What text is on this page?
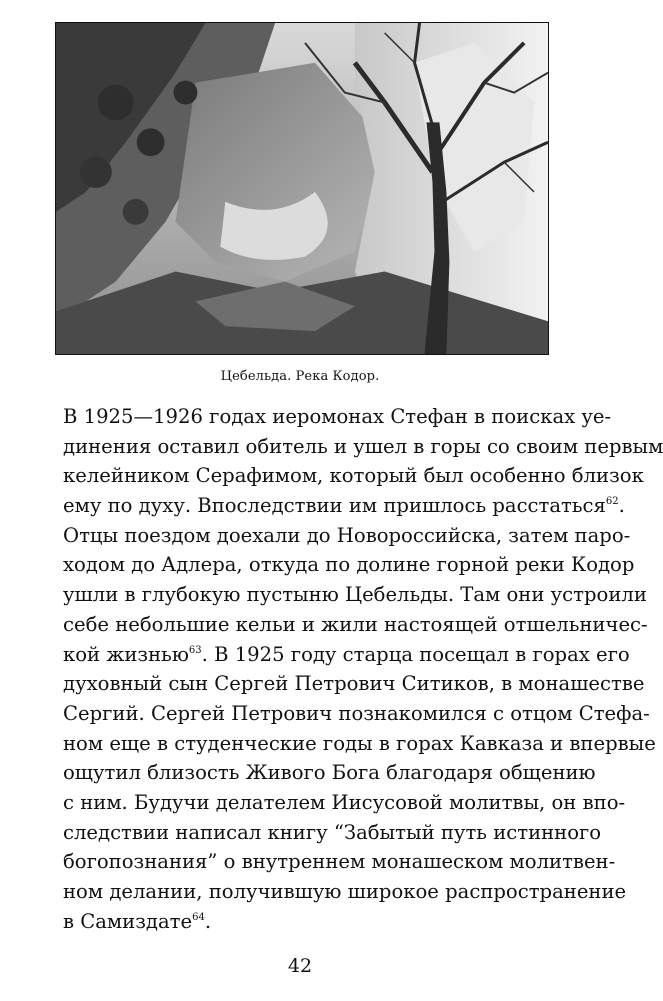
Цебельда. Река Кодор.
В 1925—1926 годах иеромонах Стефан в поисках уе-
динения оставил обитель и ушел в горы со своим первым
келейником Серафимом, который был особенно близок
ему по духу. Впоследствии им пришлось расстаться$^{62}$.
Отцы поездом доехали до Новороссийска, затем паро-
ходом до Адлера, откуда по долине горной реки Кодор
ушли в глубокую пустыню Цебельды. Там они устроили
себе небольшие кельи и жили настоящей отшельничес-
кой жизнью$^{63}$. В 1925 году старца посещал в горах его
духовный сын Сергей Петрович Ситиков, в монашестве
Сергий. Сергей Петрович познакомился с отцом Стефа-
ном еще в студенческие годы в горах Кавказа и впервые
ощутил близость Живого Бога благодаря общению
с ним. Будучи делателем Иисусовой молитвы, он впо-
следствии написал книгу “Забытый путь истинного
богопознания” о внутреннем монашеском молитвен-
ном делании, получившую широкое распространение
в Самиздате$^{64}$.
42
